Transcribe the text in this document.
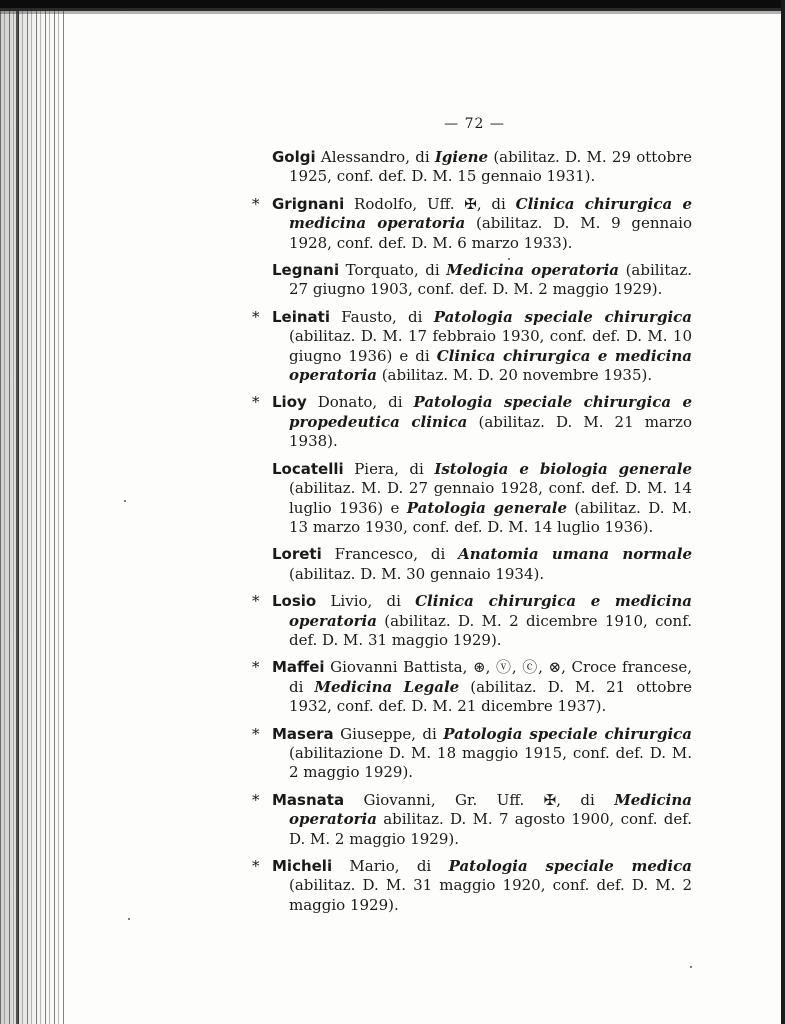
— 72 —
Golgi Alessandro, di Igiene (abilitaz. D. M. 29 ottobre 1925, conf. def. D. M. 15 gennaio 1931).
* Grignani Rodolfo, Uff. ✠, di Clinica chirurgica e medicina operatoria (abilitaz. D. M. 9 gennaio 1928, conf. def. D. M. 6 marzo 1933).
Legnani Torquato, di Medicina operatoria (abilitaz. 27 giugno 1903, conf. def. D. M. 2 maggio 1929).
* Leinati Fausto, di Patologia speciale chirurgica (abilitaz. D. M. 17 febbraio 1930, conf. def. D. M. 10 giugno 1936) e di Clinica chirurgica e medicina operatoria (abilitaz. M. D. 20 novembre 1935).
* Lioy Donato, di Patologia speciale chirurgica e propedeutica clinica (abilitaz. D. M. 21 marzo 1938).
Locatelli Piera, di Istologia e biologia generale (abilitaz. M. D. 27 gennaio 1928, conf. def. D. M. 14 luglio 1936) e Patologia generale (abilitaz. D. M. 13 marzo 1930, conf. def. D. M. 14 luglio 1936).
Loreti Francesco, di Anatomia umana normale (abilitaz. D. M. 30 gennaio 1934).
* Losio Livio, di Clinica chirurgica e medicina operatoria (abilitaz. D. M. 2 dicembre 1910, conf. def. D. M. 31 maggio 1929).
* Maffei Giovanni Battista, ⊛, ⓥ, ⓒ, ⊗, Croce francese, di Medicina Legale (abilitaz. D. M. 21 ottobre 1932, conf. def. D. M. 21 dicembre 1937).
* Masera Giuseppe, di Patologia speciale chirurgica (abilitazione D. M. 18 maggio 1915, conf. def. D. M. 2 maggio 1929).
* Masnata Giovanni, Gr. Uff. ✠, di Medicina operatoria abilitaz. D. M. 7 agosto 1900, conf. def. D. M. 2 maggio 1929).
* Micheli Mario, di Patologia speciale medica (abilitaz. D. M. 31 maggio 1920, conf. def. D. M. 2 maggio 1929).
